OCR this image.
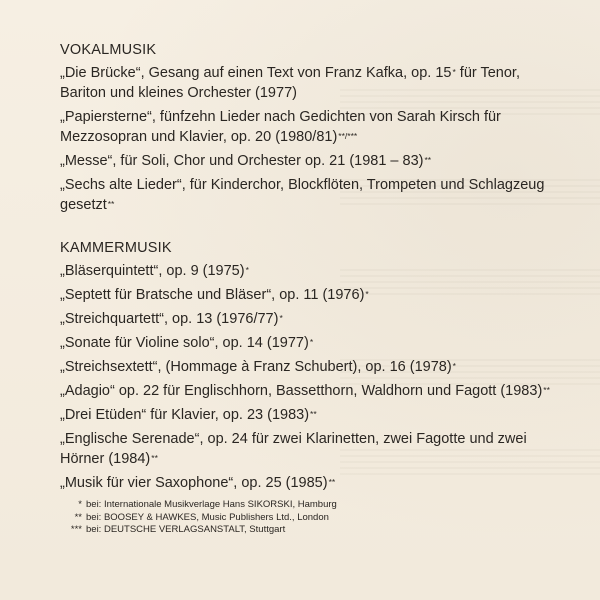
VOKALMUSIK
„Die Brücke“, Gesang auf einen Text von Franz Kafka, op. 15* für Tenor, Bariton und kleines Orchester (1977)
„Papiersterne“, fünfzehn Lieder nach Gedichten von Sarah Kirsch für Mezzosopran und Klavier, op. 20 (1980/81)**/***
„Messe“, für Soli, Chor und Orchester op. 21 (1981 – 83)**
„Sechs alte Lieder“, für Kinderchor, Blockflöten, Trompeten und Schlagzeug gesetzt**
KAMMERMUSIK
„Bläserquintett“, op. 9 (1975)*
„Septett für Bratsche und Bläser“, op. 11 (1976)*
„Streichquartett“, op. 13 (1976/77)*
„Sonate für Violine solo“, op. 14 (1977)*
„Streichsextett“, (Hommage à Franz Schubert), op. 16 (1978)*
„Adagio“ op. 22 für Englischhorn, Bassetthorn, Waldhorn und Fagott (1983)**
„Drei Etüden“ für Klavier, op. 23 (1983)**
„Englische Serenade“, op. 24 für zwei Klarinetten, zwei Fagotte und zwei Hörner (1984)**
„Musik für vier Saxophone“, op. 25 (1985)**
* bei: Internationale Musikverlage Hans SIKORSKI, Hamburg
** bei: BOOSEY & HAWKES, Music Publishers Ltd., London
*** bei: DEUTSCHE VERLAGSANSTALT, Stuttgart
